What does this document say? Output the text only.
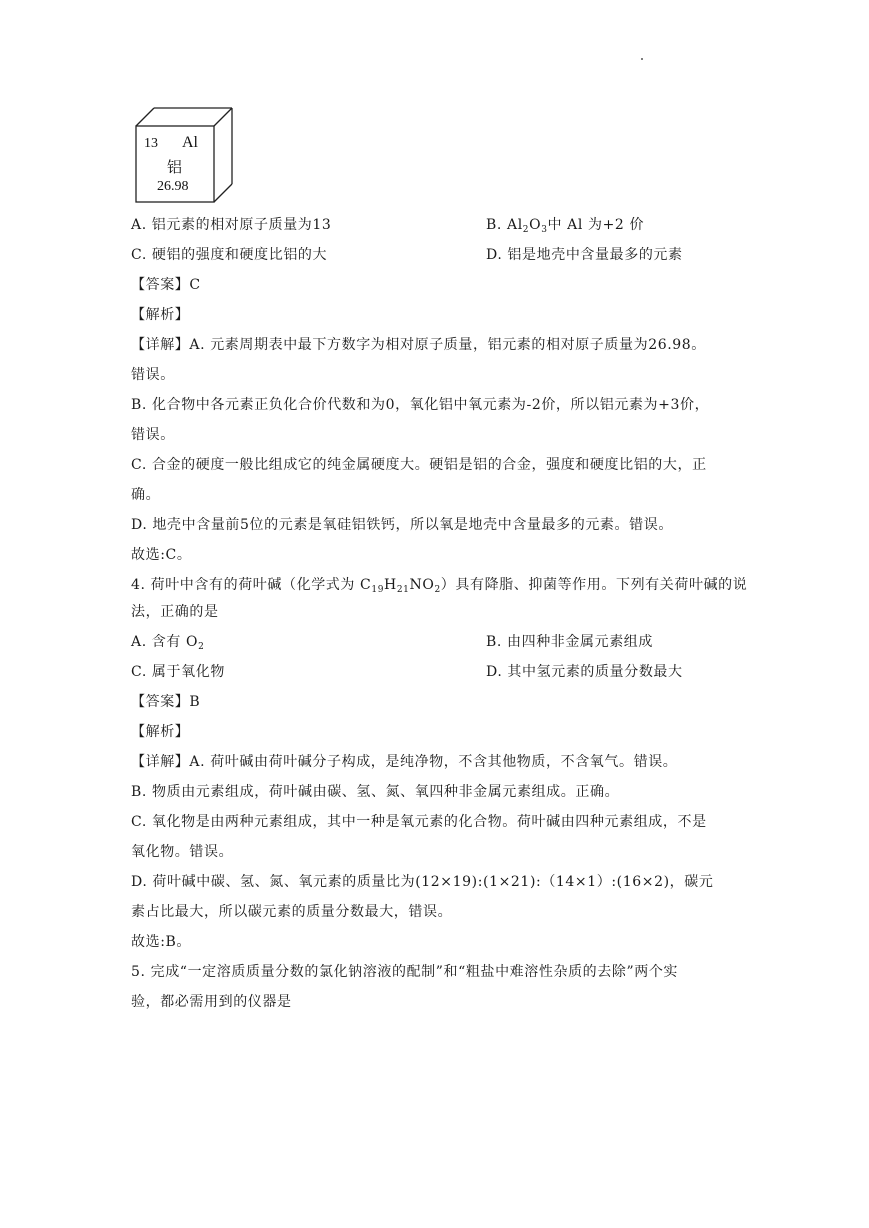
13 Al
铝
26.98
A. 铝元素的相对原子质量为13	B. $Al_2O_3$中 Al 为+2 价
C. 硬铝的强度和硬度比铝的大	D. 铝是地壳中含量最多的元素
【答案】C
【解析】
【详解】A. 元素周期表中最下方数字为相对原子质量，铝元素的相对原子质量为26.98。
错误。
B. 化合物中各元素正负化合价代数和为0，氧化铝中氧元素为-2价，所以铝元素为+3价，
错误。
C. 合金的硬度一般比组成它的纯金属硬度大。硬铝是铝的合金，强度和硬度比铝的大，正
确。
D. 地壳中含量前5位的元素是氧硅铝铁钙，所以氧是地壳中含量最多的元素。错误。
故选:C。
4. 荷叶中含有的荷叶碱（化学式为 $C_{19}H_{21}NO_2$）具有降脂、抑菌等作用。下列有关荷叶碱的说
法，正确的是
A. 含有 $O_2$	B. 由四种非金属元素组成
C. 属于氧化物	D. 其中氢元素的质量分数最大
【答案】B
【解析】
【详解】A. 荷叶碱由荷叶碱分子构成，是纯净物，不含其他物质，不含氧气。错误。
B. 物质由元素组成，荷叶碱由碳、氢、氮、氧四种非金属元素组成。正确。
C. 氧化物是由两种元素组成，其中一种是氧元素的化合物。荷叶碱由四种元素组成，不是
氧化物。错误。
D. 荷叶碱中碳、氢、氮、氧元素的质量比为(12×19):(1×21):（14×1）:(16×2)，碳元
素占比最大，所以碳元素的质量分数最大，错误。
故选:B。
5. 完成“一定溶质质量分数的氯化钠溶液的配制”和“粗盐中难溶性杂质的去除”两个实
验，都必需用到的仪器是
